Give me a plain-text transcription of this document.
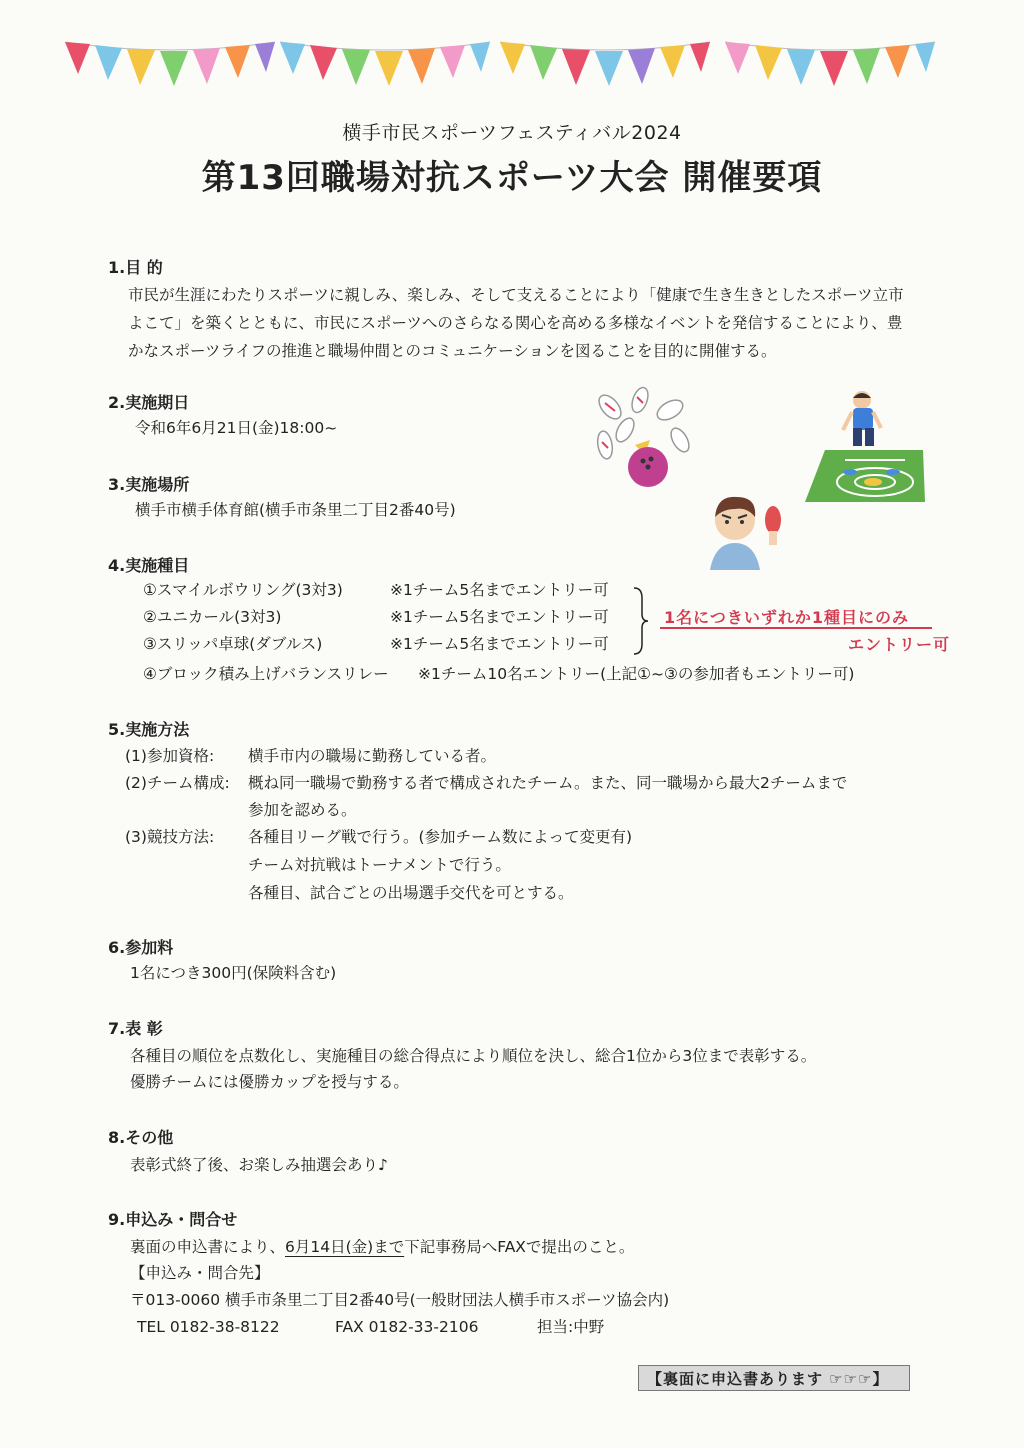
横手市民スポーツフェスティバル2024
第13回職場対抗スポーツ大会 開催要項
1.目 的
市民が生涯にわたりスポーツに親しみ、楽しみ、そして支えることにより「健康で生き生きとしたスポーツ立市
よこて」を築くとともに、市民にスポーツへのさらなる関心を高める多様なイベントを発信することにより、豊
かなスポーツライフの推進と職場仲間とのコミュニケーションを図ることを目的に開催する。
2.実施期日
令和6年6月21日(金)18:00~
3.実施場所
横手市横手体育館(横手市条里二丁目2番40号)
4.実施種目
①スマイルボウリング(3対3)	※1チーム5名までエントリー可
②ユニカール(3対3)	※1チーム5名までエントリー可
③スリッパ卓球(ダブルス)	※1チーム5名までエントリー可
④ブロック積み上げバランスリレー ※1チーム10名エントリー(上記①~③の参加者もエントリー可)
1名につきいずれか1種目にのみ
エントリー可
5.実施方法
(1)参加資格: 横手市内の職場に勤務している者。
(2)チーム構成: 概ね同一職場で勤務する者で構成されたチーム。また、同一職場から最大2チームまで
参加を認める。
(3)競技方法: 各種目リーグ戦で行う。(参加チーム数によって変更有)
チーム対抗戦はトーナメントで行う。
各種目、試合ごとの出場選手交代を可とする。
6.参加料
1名につき300円(保険料含む)
7.表 彰
各種目の順位を点数化し、実施種目の総合得点により順位を決し、総合1位から3位まで表彰する。
優勝チームには優勝カップを授与する。
8.その他
表彰式終了後、お楽しみ抽選会あり♪
9.申込み・問合せ
裏面の申込書により、6月14日(金)まで下記事務局へFAXで提出のこと。
【申込み・問合先】
〒013-0060 横手市条里二丁目2番40号(一般財団法人横手市スポーツ協会内)
TEL 0182-38-8122	FAX 0182-33-2106	担当:中野
【裏面に申込書あります ☞☞☞】
